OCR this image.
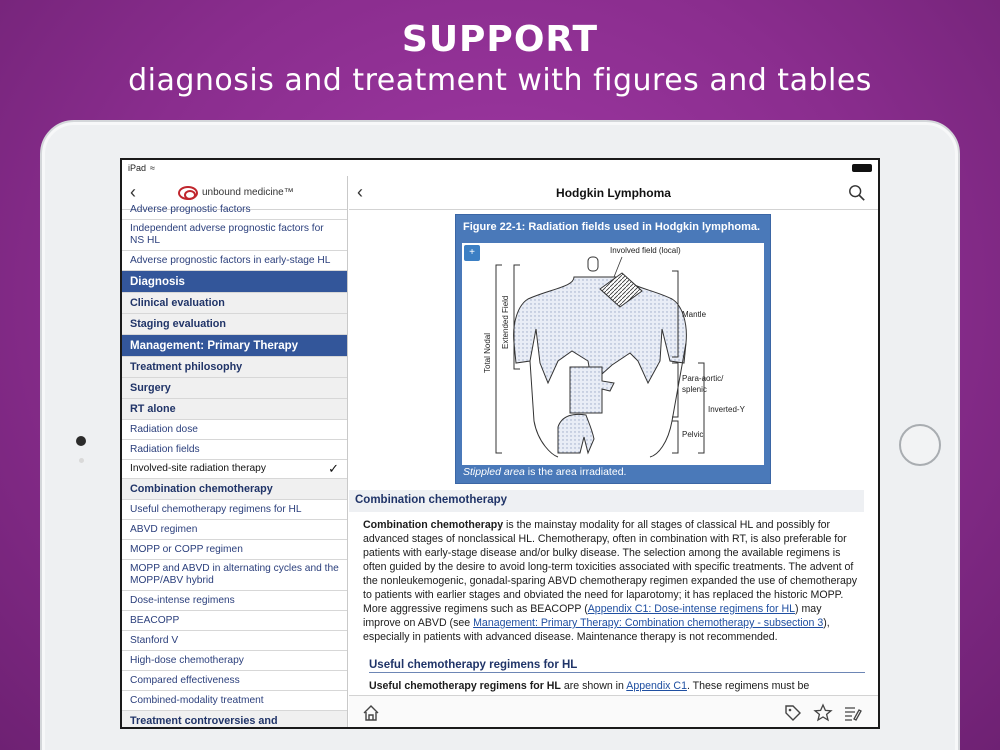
SUPPORT
diagnosis and treatment with figures and tables
iPad ≈
‹	unbound medicine ™
Adverse prognostic factors
Independent adverse prognostic factors for NS HL
Adverse prognostic factors in early-stage HL
Diagnosis
Clinical evaluation
Staging evaluation
Management: Primary Therapy
Treatment philosophy
Surgery
RT alone
Radiation dose
Radiation fields
Involved-site radiation therapy	✓
Combination chemotherapy
Useful chemotherapy regimens for HL
ABVD regimen
MOPP or COPP regimen
MOPP and ABVD in alternating cycles and the MOPP/ABV hybrid
Dose-intense regimens
BEACOPP
Stanford V
High-dose chemotherapy
Compared effectiveness
Combined-modality treatment
Treatment controversies and
‹	Hodgkin Lymphoma
Figure 22-1: Radiation fields used in Hodgkin lymphoma.
+	Involved field (local)
Mantle
Para-aortic/
splenic
Inverted-Y
Pelvic
Total Nodal
Extended Field
Stippled area is the area irradiated.
Combination chemotherapy
Combination chemotherapy is the mainstay modality for all stages of classical HL and possibly for advanced stages of nonclassical HL. Chemotherapy, often in combination with RT, is also preferable for patients with early-stage disease and/or bulky disease. The selection among the available regimens is often guided by the desire to avoid long-term toxicities associated with specific treatments. The advent of the nonleukemogenic, gonadal-sparing ABVD chemotherapy regimen expanded the use of chemotherapy to patients with earlier stages and obviated the need for laparotomy; it has replaced the historic MOPP. More aggressive regimens such as BEACOPP (Appendix C1: Dose-intense regimens for HL) may improve on ABVD (see Management: Primary Therapy: Combination chemotherapy - subsection 3), especially in patients with advanced disease. Maintenance therapy is not recommended.
Useful chemotherapy regimens for HL
Useful chemotherapy regimens for HL are shown in Appendix C1. These regimens must be
